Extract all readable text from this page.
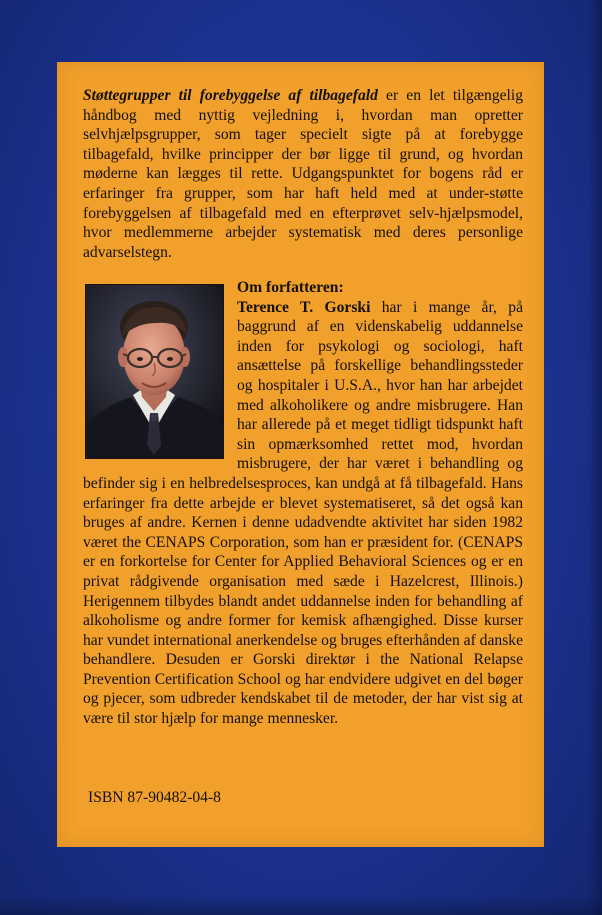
Støttegrupper til forebyggelse af tilbagefald er en let tilgængelig håndbog med nyttig vejledning i, hvordan man opretter selvhjælpsgrupper, som tager specielt sigte på at forebygge tilbagefald, hvilke principper der bør ligge til grund, og hvordan møderne kan lægges til rette. Udgangspunktet for bogens råd er erfaringer fra grupper, som har haft held med at under-støtte forebyggelsen af tilbagefald med en efterprøvet selv-hjælpsmodel, hvor medlemmerne arbejder systematisk med deres personlige advarselstegn.
Om forfatteren:
Terence T. Gorski har i mange år, på baggrund af en videnskabelig uddannelse inden for psykologi og sociologi, haft ansættelse på forskellige behandlingssteder og hospitaler i U.S.A., hvor han har arbejdet med alkoholikere og andre misbrugere. Han har allerede på et meget tidligt tidspunkt haft sin opmærksomhed rettet mod, hvordan misbrugere, der har været i behandling og befinder sig i en helbredelsesproces, kan undgå at få tilbagefald. Hans erfaringer fra dette arbejde er blevet systematiseret, så det også kan bruges af andre. Kernen i denne udadvendte aktivitet har siden 1982 været the CENAPS Corporation, som han er præsident for. (CENAPS er en forkortelse for Center for Applied Behavioral Sciences og er en privat rådgivende organisation med sæde i Hazelcrest, Illinois.) Herigennem tilbydes blandt andet uddannelse inden for behandling af alkoholisme og andre former for kemisk afhængighed. Disse kurser har vundet international anerkendelse og bruges efterhånden af danske behandlere. Desuden er Gorski direktør i the National Relapse Prevention Certification School og har endvidere udgivet en del bøger og pjecer, som udbreder kendskabet til de metoder, der har vist sig at være til stor hjælp for mange mennesker.
ISBN 87-90482-04-8
